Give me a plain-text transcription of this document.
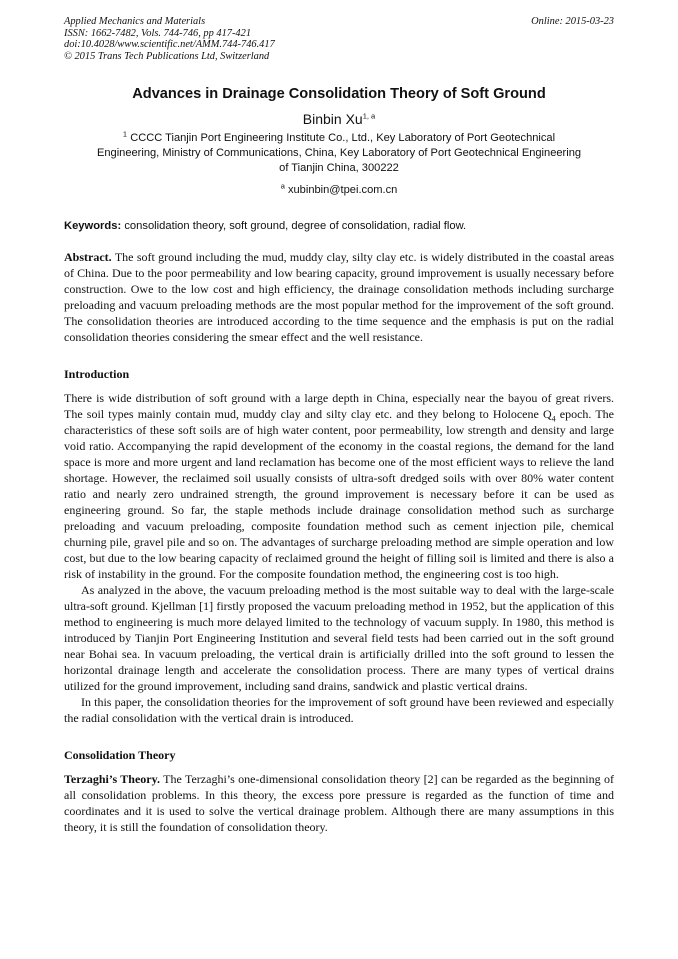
Applied Mechanics and Materials
ISSN: 1662-7482, Vols. 744-746, pp 417-421
doi:10.4028/www.scientific.net/AMM.744-746.417
© 2015 Trans Tech Publications Ltd, Switzerland
Online: 2015-03-23
Advances in Drainage Consolidation Theory of Soft Ground
Binbin Xu$^{1, a}$
$^1$ CCCC Tianjin Port Engineering Institute Co., Ltd., Key Laboratory of Port Geotechnical
Engineering, Ministry of Communications, China, Key Laboratory of Port Geotechnical Engineering
of Tianjin China, 300222
$^a$ xubinbin@tpei.com.cn
Keywords: consolidation theory, soft ground, degree of consolidation, radial flow.

Abstract. The soft ground including the mud, muddy clay, silty clay etc. is widely distributed in the coastal areas of China. Due to the poor permeability and low bearing capacity, ground improvement is usually necessary before construction. Owe to the low cost and high efficiency, the drainage consolidation methods including surcharge preloading and vacuum preloading methods are the most popular method for the improvement of the soft ground. The consolidation theories are introduced according to the time sequence and the emphasis is put on the radial consolidation theories considering the smear effect and the well resistance.

Introduction

There is wide distribution of soft ground with a large depth in China, especially near the bayou of great rivers. The soil types mainly contain mud, muddy clay and silty clay etc. and they belong to Holocene $Q_4$ epoch. The characteristics of these soft soils are of high water content, poor permeability, low strength and density and large void ratio. Accompanying the rapid development of the economy in the coastal regions, the demand for the land space is more and more urgent and land reclamation has become one of the most efficient ways to relieve the land shortage. However, the reclaimed soil usually consists of ultra-soft dredged soils with over 80% water content ratio and nearly zero undrained strength, the ground improvement is necessary before it can be used as engineering ground. So far, the staple methods include drainage consolidation method such as surcharge preloading and vacuum preloading, composite foundation method such as cement injection pile, chemical churning pile, gravel pile and so on. The advantages of surcharge preloading method are simple operation and low cost, but due to the low bearing capacity of reclaimed ground the height of filling soil is limited and there is also a risk of instability in the ground. For the composite foundation method, the engineering cost is too high.

As analyzed in the above, the vacuum preloading method is the most suitable way to deal with the large-scale ultra-soft ground. Kjellman [1] firstly proposed the vacuum preloading method in 1952, but the application of this method to engineering is much more delayed limited to the technology of vacuum supply. In 1980, this method is introduced by Tianjin Port Engineering Institution and several field tests had been carried out in the soft ground near Bohai sea. In vacuum preloading, the vertical drain is artificially drilled into the soft ground to lessen the horizontal drainage length and accelerate the consolidation process. There are many types of vertical drains utilized for the ground improvement, including sand drains, sandwick and plastic vertical drains.

In this paper, the consolidation theories for the improvement of soft ground have been reviewed and especially the radial consolidation with the vertical drain is introduced.

Consolidation Theory

Terzaghi’s Theory. The Terzaghi’s one-dimensional consolidation theory [2] can be regarded as the beginning of all consolidation problems. In this theory, the excess pore pressure is regarded as the function of time and coordinates and it is used to solve the vertical drainage problem. Although there are many assumptions in this theory, it is still the foundation of consolidation theory.
